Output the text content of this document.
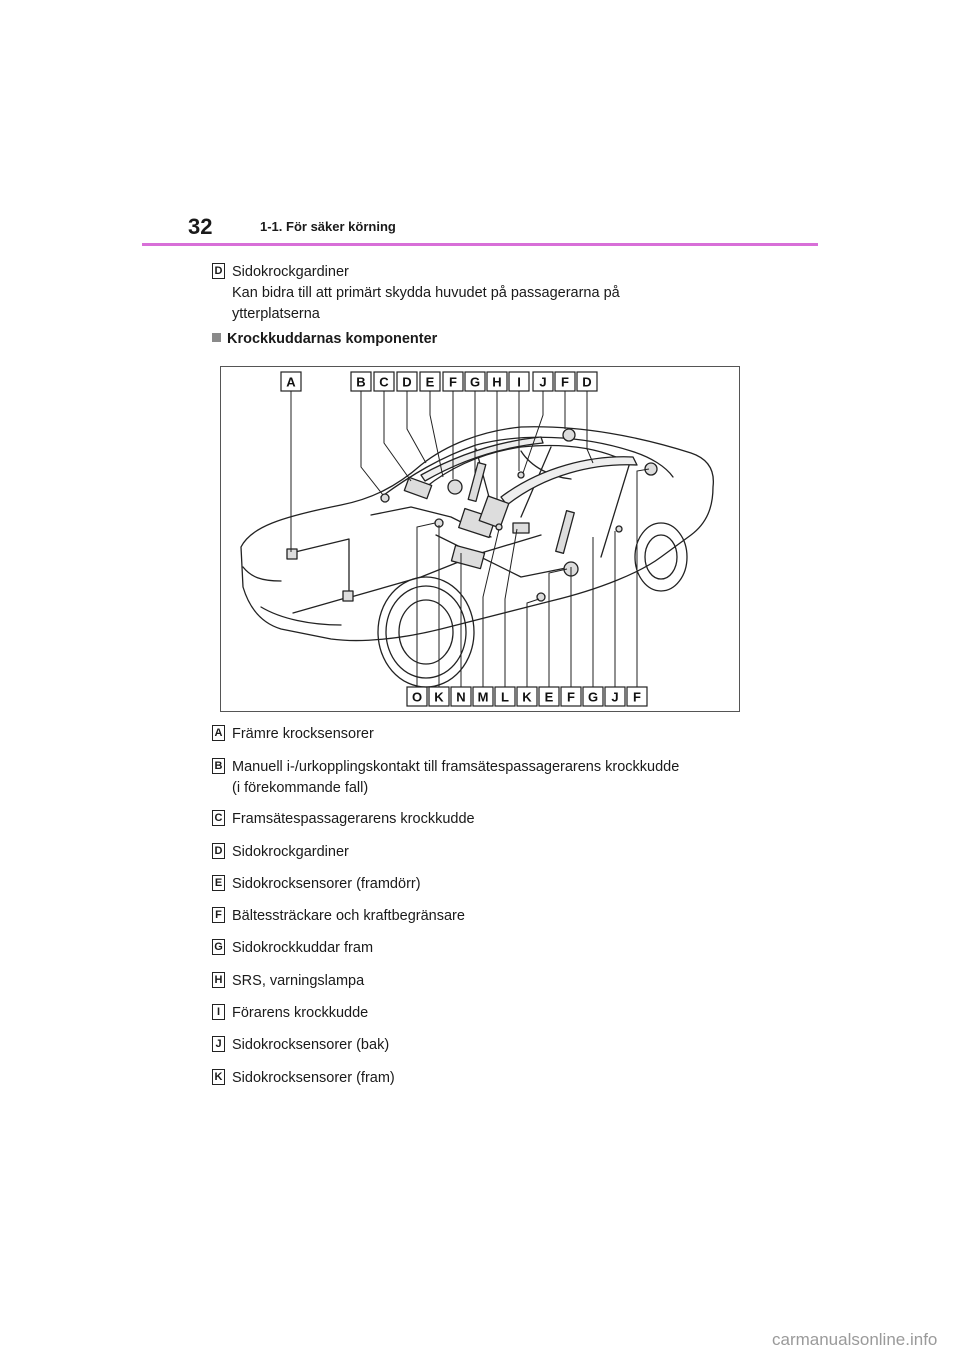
32	1-1. För säker körning
D Sidokrockgardiner
Kan bidra till att primärt skydda huvudet på passagerarna på
ytterplatserna
Krockkuddarnas komponenter
A	B C D E F G H I J F D
O K N M L K E F G J F
A Främre krocksensorer
B Manuell i-/urkopplingskontakt till framsätespassagerarens krockkudde
(i förekommande fall)
C Framsätespassagerarens krockkudde
D Sidokrockgardiner
E Sidokrocksensorer (framdörr)
F Bältessträckare och kraftbegränsare
G Sidokrockkuddar fram
H SRS, varningslampa
I Förarens krockkudde
J Sidokrocksensorer (bak)
K Sidokrocksensorer (fram)
carmanualsonline.info
